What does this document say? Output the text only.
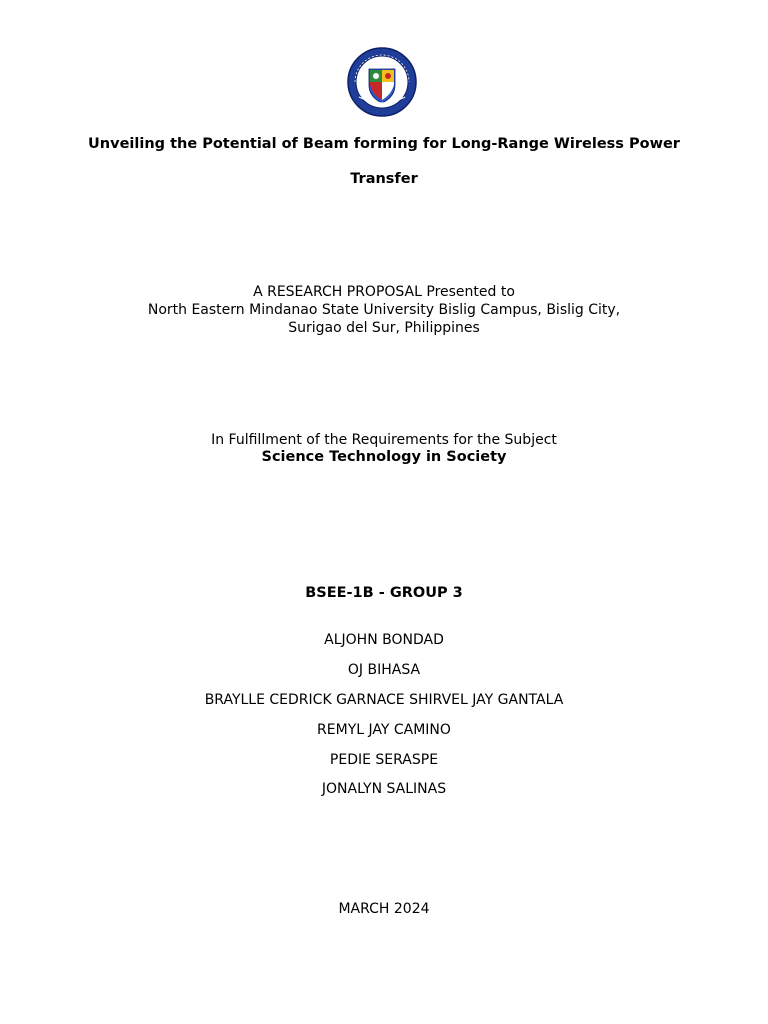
Unveiling the Potential of Beam forming for Long-Range Wireless Power
Transfer
A RESEARCH PROPOSAL Presented to
North Eastern Mindanao State University Bislig Campus, Bislig City,
Surigao del Sur, Philippines
In Fulfillment of the Requirements for the Subject
Science Technology in Society
BSEE-1B - GROUP 3
ALJOHN BONDAD
OJ BIHASA
BRAYLLE CEDRICK GARNACE SHIRVEL JAY GANTALA
REMYL JAY CAMINO
PEDIE SERASPE
JONALYN SALINAS
MARCH 2024
